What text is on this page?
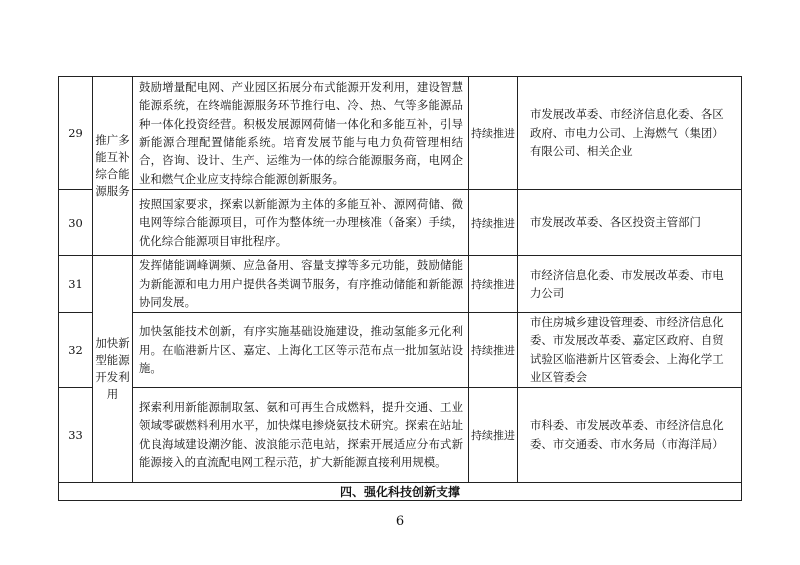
29	推广多能互补综合能源服务	鼓励增量配电网、产业园区拓展分布式能源开发利用，建设智慧能源系统，在终端能源服务环节推行电、冷、热、气等多能源品种一体化投资经营。积极发展源网荷储一体化和多能互补，引导新能源合理配置储能系统。培育发展节能与电力负荷管理相结合，咨询、设计、生产、运维为一体的综合能源服务商，电网企业和燃气企业应支持综合能源创新服务。	持续推进	市发展改革委、市经济信息化委、各区政府、市电力公司、上海燃气（集团）有限公司、相关企业
30		按照国家要求，探索以新能源为主体的多能互补、源网荷储、微电网等综合能源项目，可作为整体统一办理核准（备案）手续，优化综合能源项目审批程序。	持续推进	市发展改革委、各区投资主管部门
31	加快新型能源开发利用	发挥储能调峰调频、应急备用、容量支撑等多元功能，鼓励储能为新能源和电力用户提供各类调节服务，有序推动储能和新能源协同发展。	持续推进	市经济信息化委、市发展改革委、市电力公司
32		加快氢能技术创新，有序实施基础设施建设，推动氢能多元化利用。在临港新片区、嘉定、上海化工区等示范布点一批加氢站设施。	持续推进	市住房城乡建设管理委、市经济信息化委、市发展改革委、嘉定区政府、自贸试验区临港新片区管委会、上海化学工业区管委会
33		探索利用新能源制取氢、氨和可再生合成燃料，提升交通、工业领域零碳燃料利用水平，加快煤电掺烧氨技术研究。探索在站址优良海域建设潮汐能、波浪能示范电站，探索开展适应分布式新能源接入的直流配电网工程示范，扩大新能源直接利用规模。	持续推进	市科委、市发展改革委、市经济信息化委、市交通委、市水务局（市海洋局）
四、强化科技创新支撑				
6
